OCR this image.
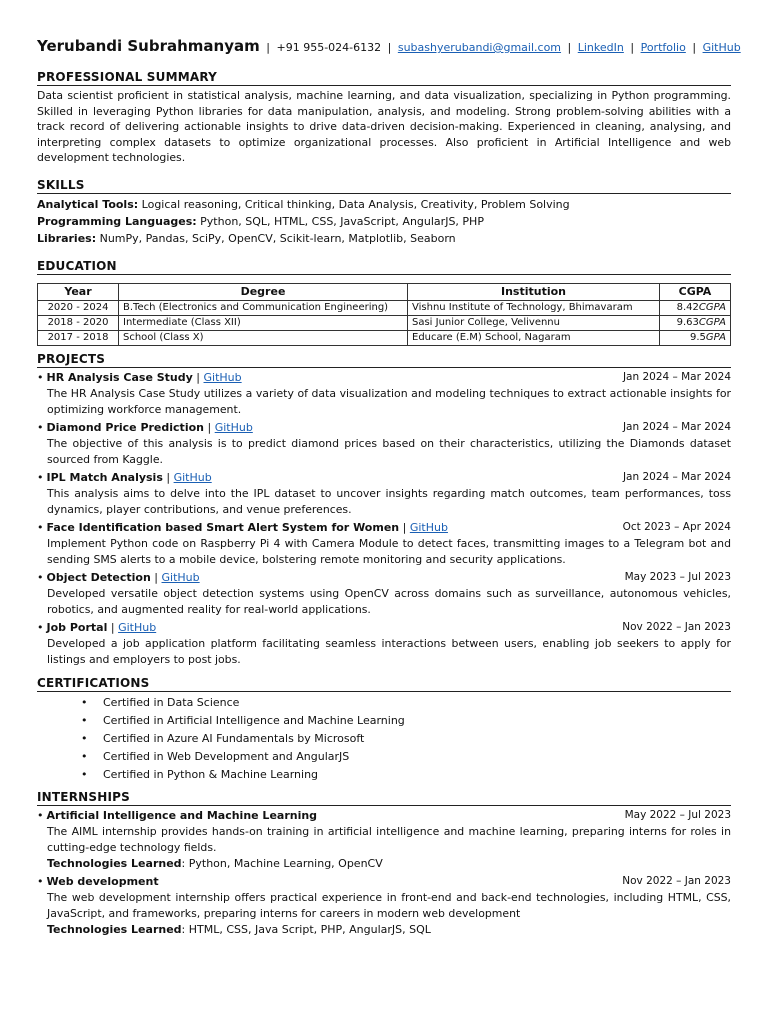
Yerubandi Subrahmanyam | +91 955-024-6132 | subashyerubandi@gmail.com | LinkedIn | Portfolio | GitHub
PROFESSIONAL SUMMARY
Data scientist proficient in statistical analysis, machine learning, and data visualization, specializing in Python programming. Skilled in leveraging Python libraries for data manipulation, analysis, and modeling. Strong problem-solving abilities with a track record of delivering actionable insights to drive data-driven decision-making. Experienced in cleaning, analysing, and interpreting complex datasets to optimize organizational processes. Also proficient in Artificial Intelligence and web development technologies.
SKILLS
Analytical Tools: Logical reasoning, Critical thinking, Data Analysis, Creativity, Problem Solving
Programming Languages: Python, SQL, HTML, CSS, JavaScript, AngularJS, PHP
Libraries: NumPy, Pandas, SciPy, OpenCV, Scikit-learn, Matplotlib, Seaborn
EDUCATION
Year	Degree	Institution	CGPA
2020 - 2024	B.Tech (Electronics and Communication Engineering)	Vishnu Institute of Technology, Bhimavaram	8.42CGPA
2018 - 2020	Intermediate (Class XII)	Sasi Junior College, Velivennu	9.63CGPA
2017 - 2018	School (Class X)	Educare (E.M) School, Nagaram	9.5GPA
PROJECTS
• HR Analysis Case Study | GitHub	Jan 2024 – Mar 2024
The HR Analysis Case Study utilizes a variety of data visualization and modeling techniques to extract actionable insights for optimizing workforce management.
• Diamond Price Prediction | GitHub	Jan 2024 – Mar 2024
The objective of this analysis is to predict diamond prices based on their characteristics, utilizing the Diamonds dataset sourced from Kaggle.
• IPL Match Analysis | GitHub	Jan 2024 – Mar 2024
This analysis aims to delve into the IPL dataset to uncover insights regarding match outcomes, team performances, toss dynamics, player contributions, and venue preferences.
• Face Identification based Smart Alert System for Women | GitHub	Oct 2023 – Apr 2024
Implement Python code on Raspberry Pi 4 with Camera Module to detect faces, transmitting images to a Telegram bot and sending SMS alerts to a mobile device, bolstering remote monitoring and security applications.
• Object Detection | GitHub	May 2023 – Jul 2023
Developed versatile object detection systems using OpenCV across domains such as surveillance, autonomous vehicles, robotics, and augmented reality for real-world applications.
• Job Portal | GitHub	Nov 2022 – Jan 2023
Developed a job application platform facilitating seamless interactions between users, enabling job seekers to apply for listings and employers to post jobs.
CERTIFICATIONS
• Certified in Data Science
• Certified in Artificial Intelligence and Machine Learning
• Certified in Azure AI Fundamentals by Microsoft
• Certified in Web Development and AngularJS
• Certified in Python & Machine Learning
INTERNSHIPS
• Artificial Intelligence and Machine Learning	May 2022 – Jul 2023
The AIML internship provides hands-on training in artificial intelligence and machine learning, preparing interns for roles in cutting-edge technology fields.
Technologies Learned: Python, Machine Learning, OpenCV
• Web development	Nov 2022 – Jan 2023
The web development internship offers practical experience in front-end and back-end technologies, including HTML, CSS, JavaScript, and frameworks, preparing interns for careers in modern web development
Technologies Learned: HTML, CSS, Java Script, PHP, AngularJS, SQL
